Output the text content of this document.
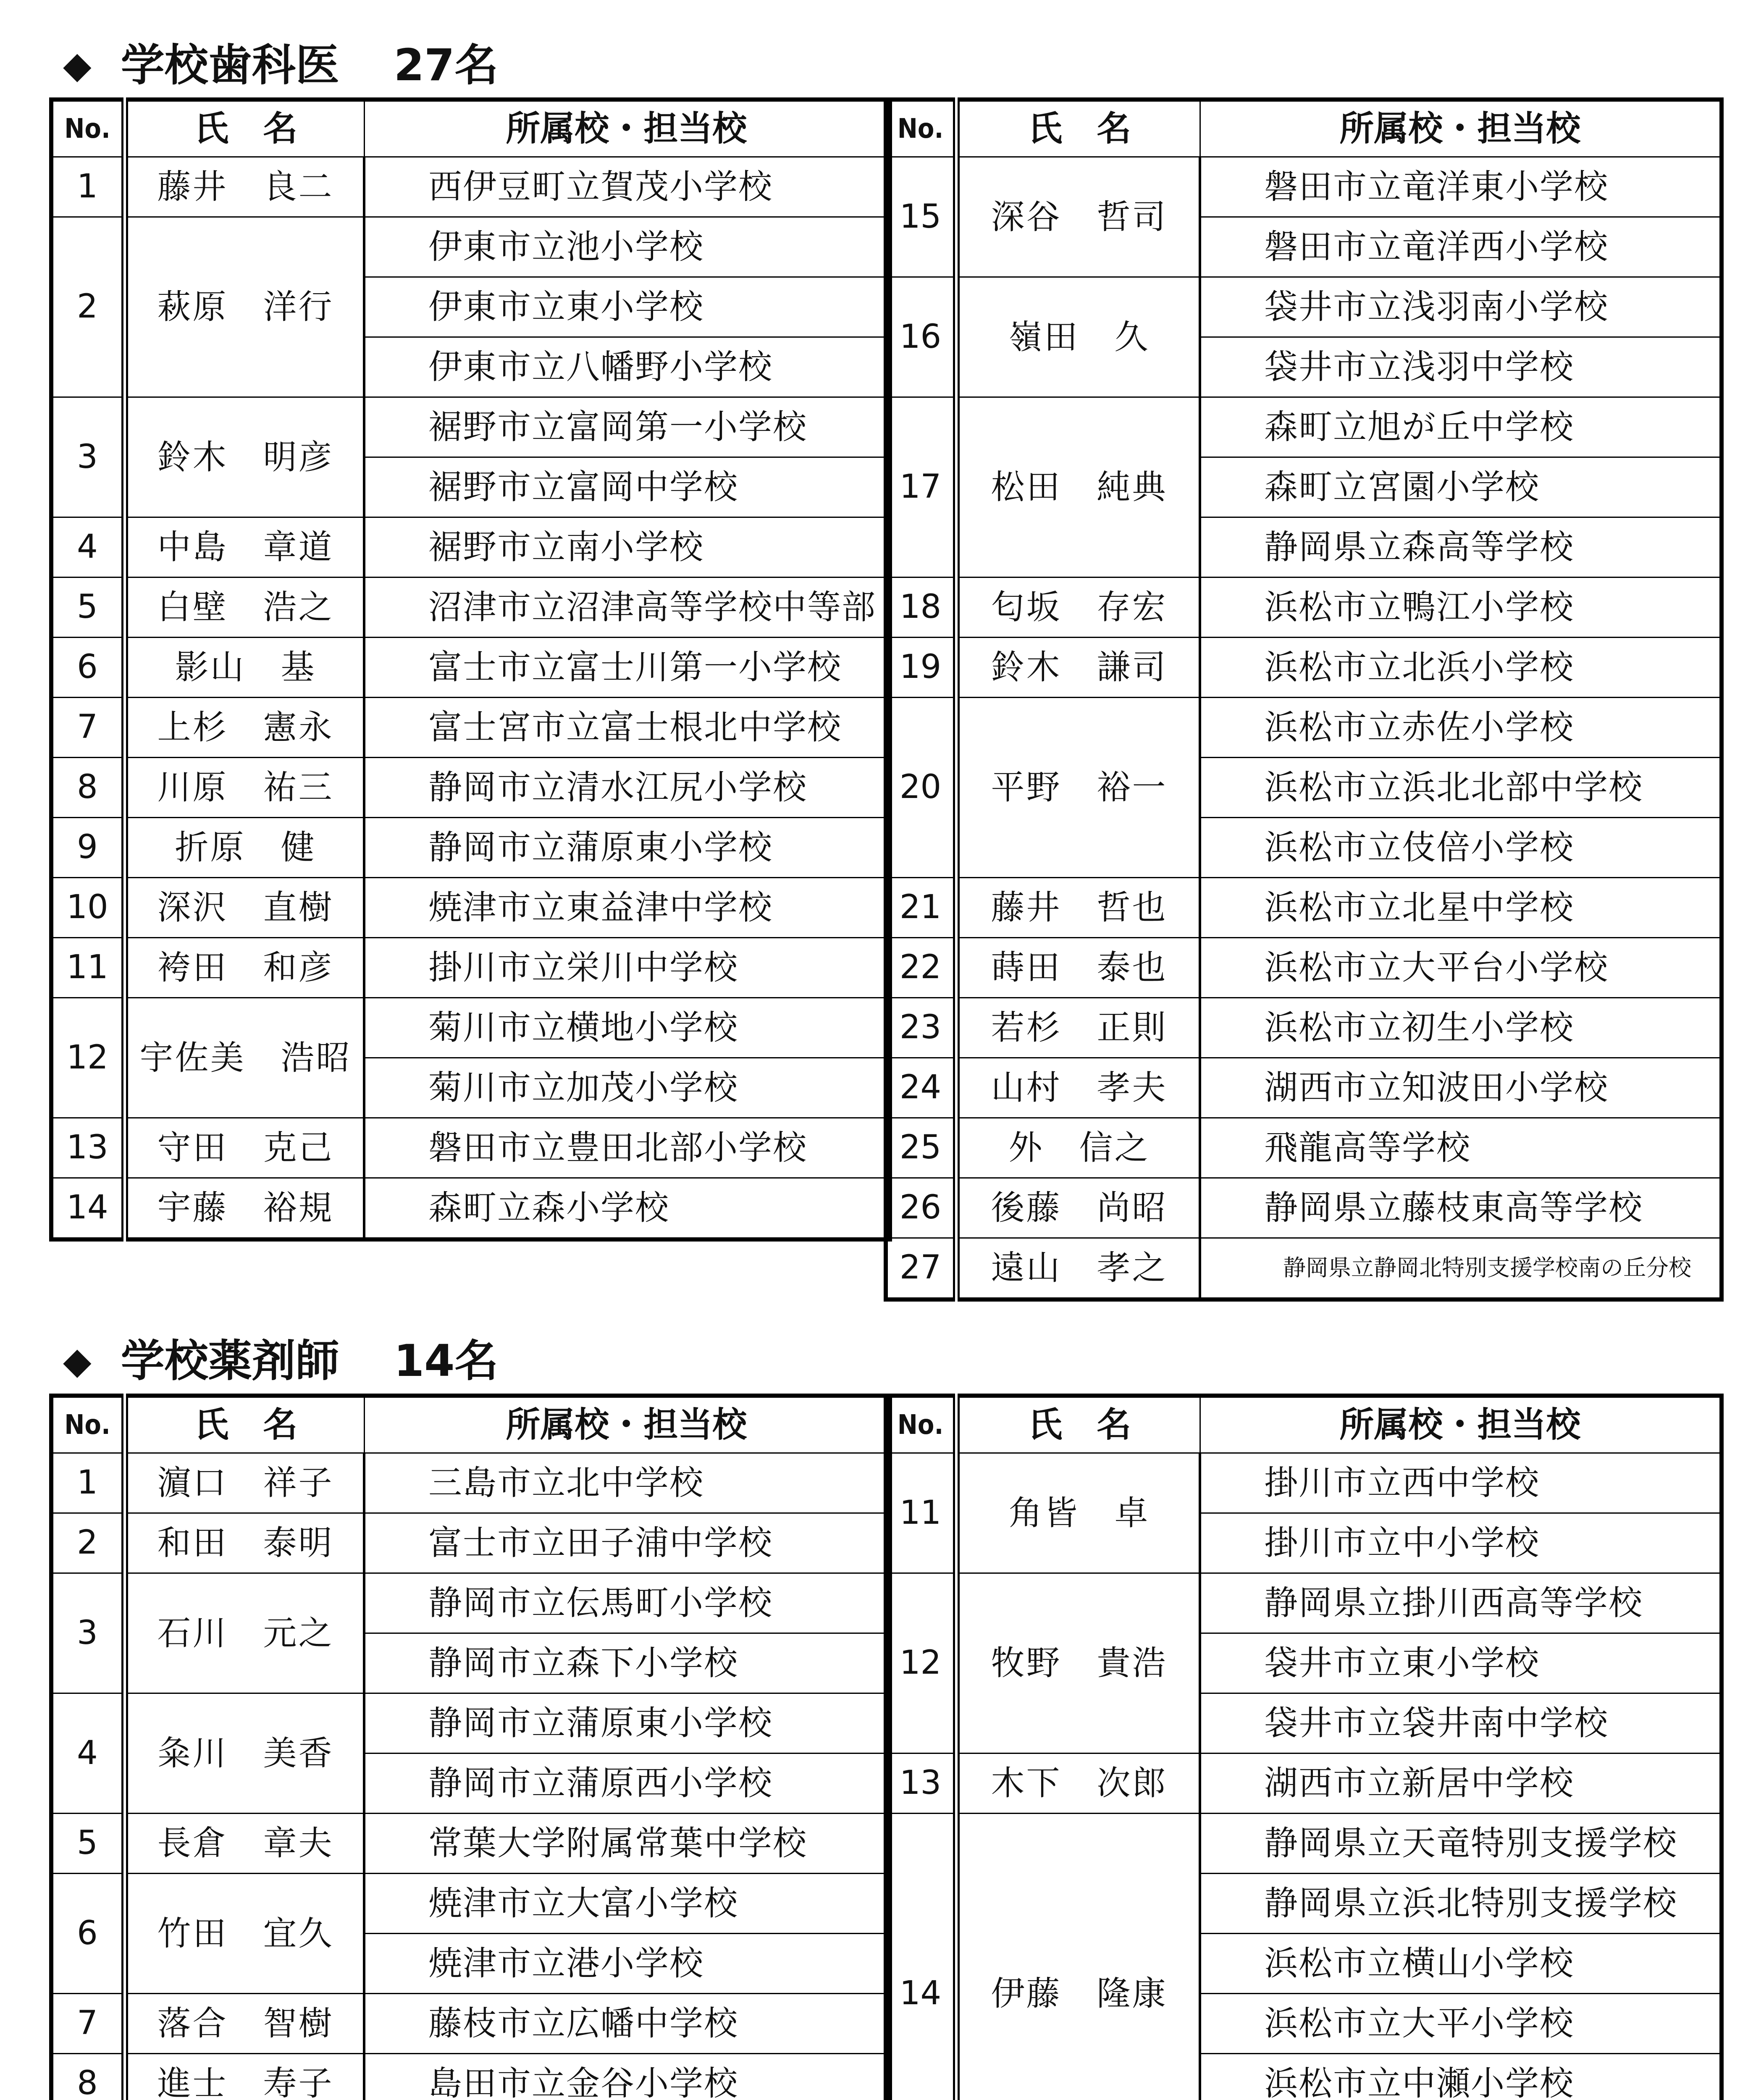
◆ 学校歯科医 27名
No.	氏　名	所属校・担当校
1	藤井　良二	西伊豆町立賀茂小学校
2	萩原　洋行	伊東市立池小学校
		伊東市立東小学校
		伊東市立八幡野小学校
3	鈴木　明彦	裾野市立富岡第一小学校
		裾野市立富岡中学校
4	中島　章道	裾野市立南小学校
5	白壁　浩之	沼津市立沼津高等学校中等部
6	影山　基	富士市立富士川第一小学校
7	上杉　憲永	富士宮市立富士根北中学校
8	川原　祐三	静岡市立清水江尻小学校
9	折原　健	静岡市立蒲原東小学校
10	深沢　直樹	焼津市立東益津中学校
11	袴田　和彦	掛川市立栄川中学校
12	宇佐美　浩昭	菊川市立横地小学校
		菊川市立加茂小学校
13	守田　克己	磐田市立豊田北部小学校
14	宇藤　裕規	森町立森小学校
No.	氏　名	所属校・担当校
15	深谷　哲司	磐田市立竜洋東小学校
		磐田市立竜洋西小学校
16	嶺田　久	袋井市立浅羽南小学校
		袋井市立浅羽中学校
17	松田　純典	森町立旭が丘中学校
		森町立宮園小学校
		静岡県立森高等学校
18	匂坂　存宏	浜松市立鴨江小学校
19	鈴木　謙司	浜松市立北浜小学校
20	平野　裕一	浜松市立赤佐小学校
		浜松市立浜北北部中学校
		浜松市立伎倍小学校
21	藤井　哲也	浜松市立北星中学校
22	蒔田　泰也	浜松市立大平台小学校
23	若杉　正則	浜松市立初生小学校
24	山村　孝夫	湖西市立知波田小学校
25	外　信之	飛龍高等学校
26	後藤　尚昭	静岡県立藤枝東高等学校
27	遠山　孝之	静岡県立静岡北特別支援学校南の丘分校
◆ 学校薬剤師 14名
No.	氏　名	所属校・担当校
1	濵口　祥子	三島市立北中学校
2	和田　泰明	富士市立田子浦中学校
3	石川　元之	静岡市立伝馬町小学校
		静岡市立森下小学校
4	粂川　美香	静岡市立蒲原東小学校
		静岡市立蒲原西小学校
5	長倉　章夫	常葉大学附属常葉中学校
6	竹田　宜久	焼津市立大富小学校
		焼津市立港小学校
7	落合　智樹	藤枝市立広幡中学校
8	進士　寿子	島田市立金谷小学校

No.	氏　名	所属校・担当校
11	角皆　卓	掛川市立西中学校
		掛川市立中小学校
12	牧野　貴浩	静岡県立掛川西高等学校
		袋井市立東小学校
		袋井市立袋井南中学校
13	木下　次郎	湖西市立新居中学校
14	伊藤　隆康	静岡県立天竜特別支援学校
		静岡県立浜北特別支援学校
		浜松市立横山小学校
		浜松市立大平小学校
		浜松市立中瀬小学校
